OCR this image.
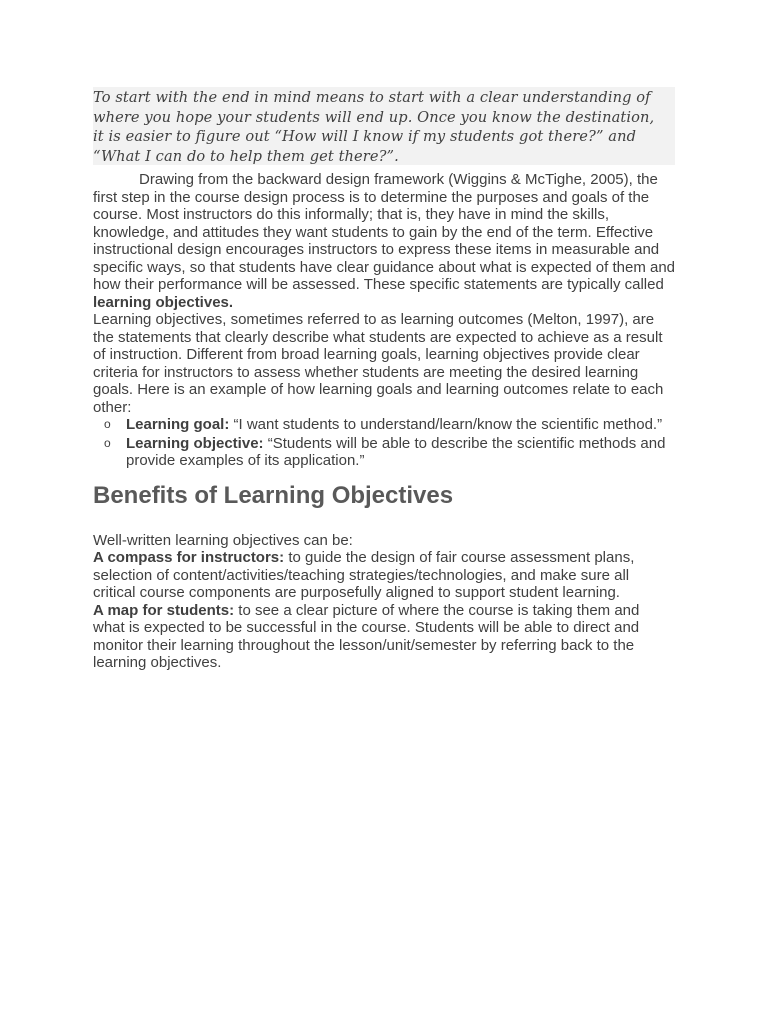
To start with the end in mind means to start with a clear understanding of where you hope your students will end up. Once you know the destination, it is easier to figure out “How will I know if my students got there?” and “What I can do to help them get there?”.

Drawing from the backward design framework (Wiggins & McTighe, 2005), the first step in the course design process is to determine the purposes and goals of the course. Most instructors do this informally; that is, they have in mind the skills, knowledge, and attitudes they want students to gain by the end of the term. Effective instructional design encourages instructors to express these items in measurable and specific ways, so that students have clear guidance about what is expected of them and how their performance will be assessed. These specific statements are typically called learning objectives.

Learning objectives, sometimes referred to as learning outcomes (Melton, 1997), are the statements that clearly describe what students are expected to achieve as a result of instruction. Different from broad learning goals, learning objectives provide clear criteria for instructors to assess whether students are meeting the desired learning goals. Here is an example of how learning goals and learning outcomes relate to each other:

o Learning goal: “I want students to understand/learn/know the scientific method.”
o Learning objective: “Students will be able to describe the scientific methods and provide examples of its application.”
Benefits of Learning Objectives

Well-written learning objectives can be:

A compass for instructors: to guide the design of fair course assessment plans, selection of content/activities/teaching strategies/technologies, and make sure all critical course components are purposefully aligned to support student learning.

A map for students: to see a clear picture of where the course is taking them and what is expected to be successful in the course. Students will be able to direct and monitor their learning throughout the lesson/unit/semester by referring back to the learning objectives.
